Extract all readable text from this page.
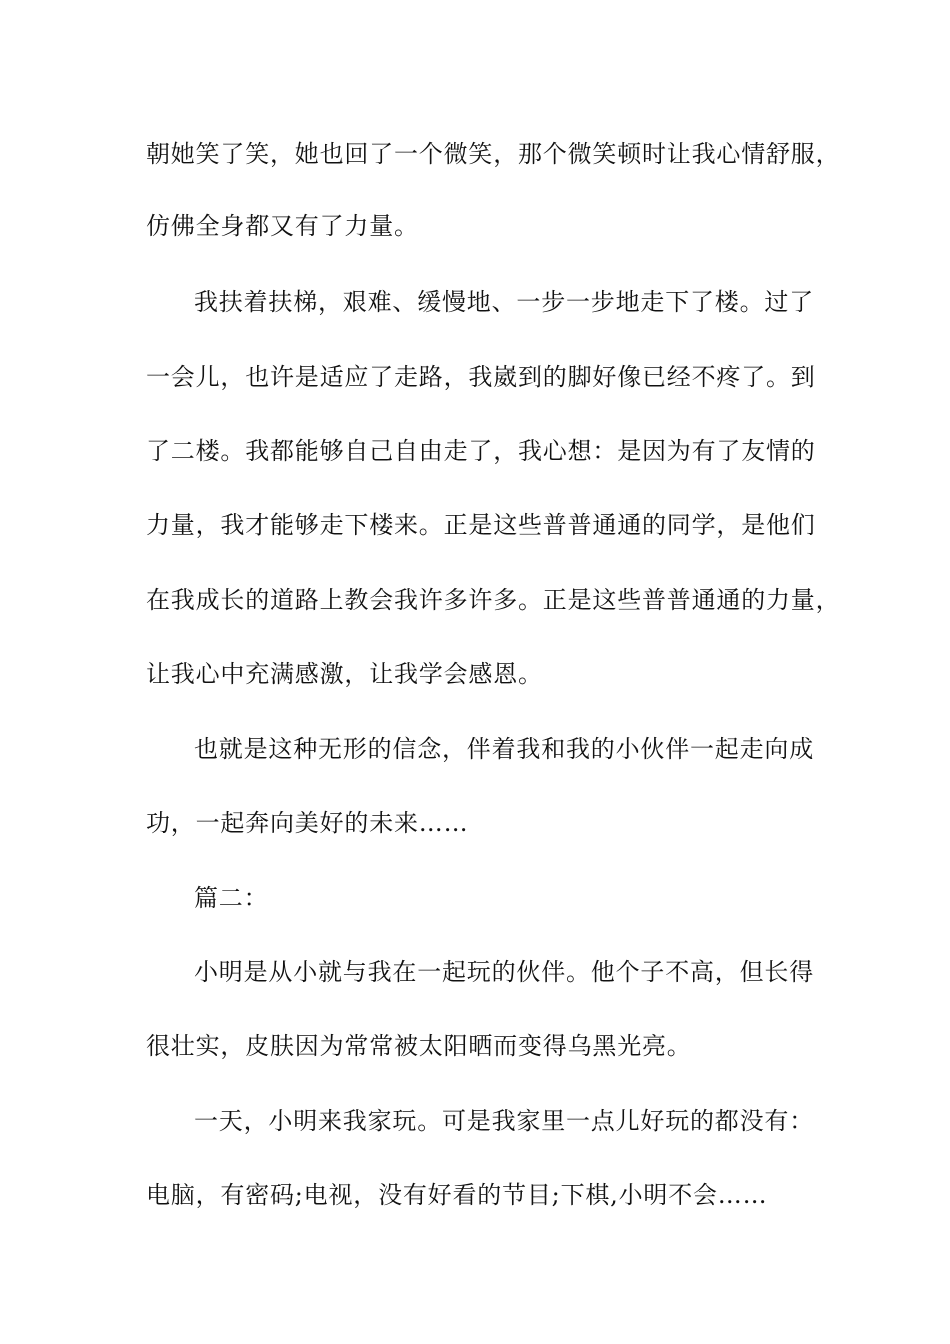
朝她笑了笑，她也回了一个微笑，那个微笑顿时让我心情舒服，

仿佛全身都又有了力量。

我扶着扶梯，艰难、缓慢地、一步一步地走下了楼。过了

一会儿，也许是适应了走路，我崴到的脚好像已经不疼了。到

了二楼。我都能够自己自由走了，我心想：是因为有了友情的

力量，我才能够走下楼来。正是这些普普通通的同学，是他们

在我成长的道路上教会我许多许多。正是这些普普通通的力量，

让我心中充满感激，让我学会感恩。

也就是这种无形的信念，伴着我和我的小伙伴一起走向成

功，一起奔向美好的未来……

篇二：

小明是从小就与我在一起玩的伙伴。他个子不高，但长得

很壮实，皮肤因为常常被太阳晒而变得乌黑光亮。

一天，小明来我家玩。可是我家里一点儿好玩的都没有：

电脑，有密码;电视，没有好看的节目;下棋,小明不会……
